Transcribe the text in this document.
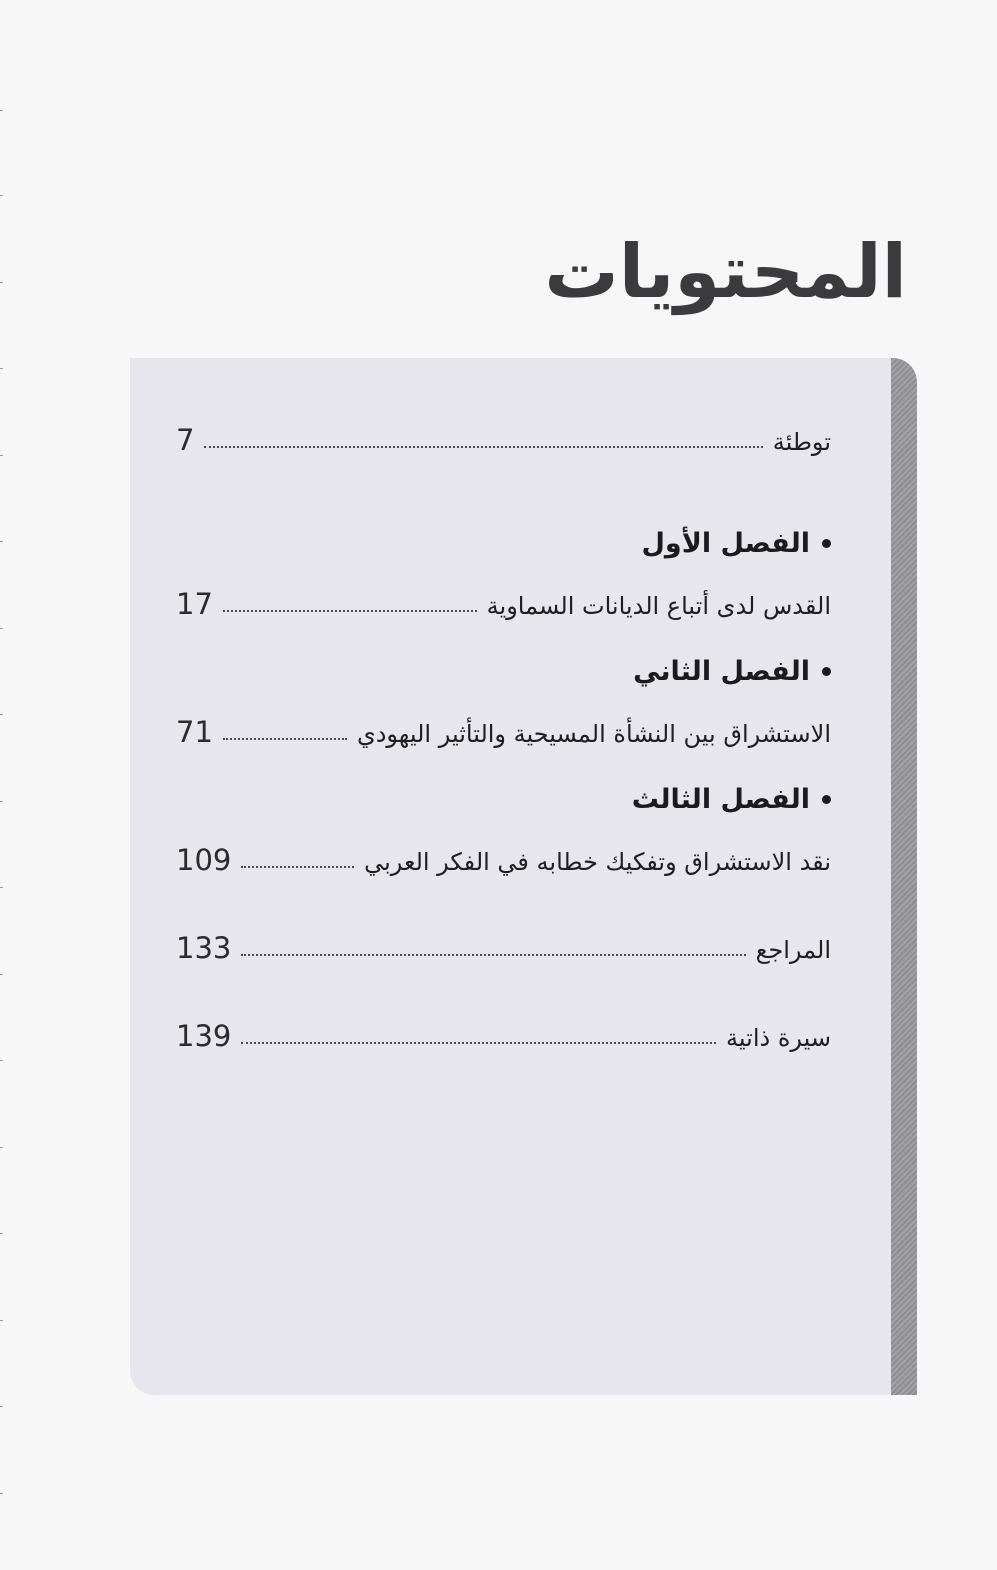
المحتويات
توطئة
7
الفصل الأول
القدس لدى أتباع الديانات السماوية
17
الفصل الثاني
الاستشراق بين النشأة المسيحية والتأثير اليهودي
71
الفصل الثالث
نقد الاستشراق وتفكيك خطابه في الفكر العربي
109
المراجع
133
سيرة ذاتية
139
